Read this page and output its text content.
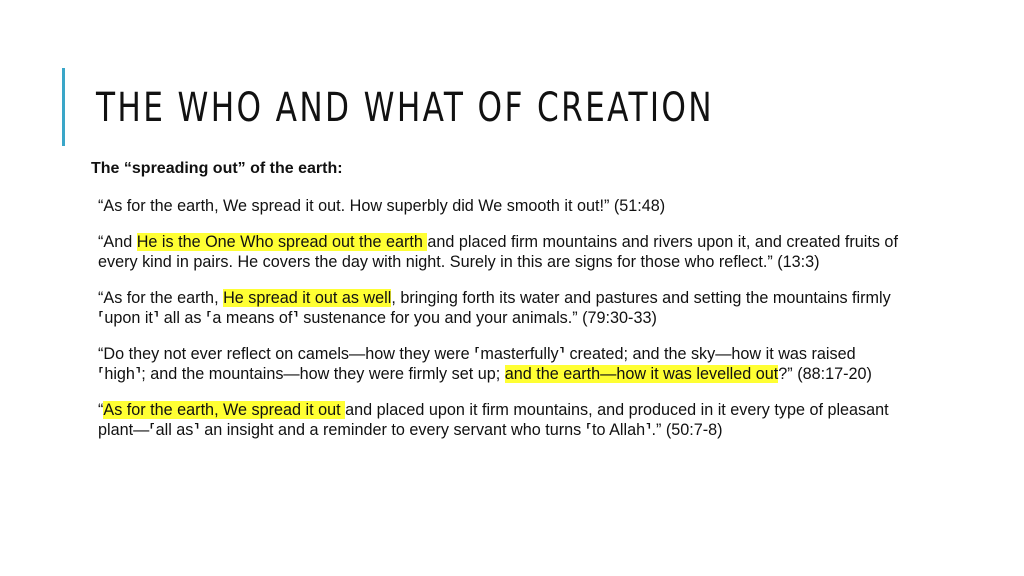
THE WHO AND WHAT OF CREATION
The “spreading out” of the earth:

“As for the earth, We spread it out. How superbly did We smooth it out!” (51:48)

“And He is the One Who spread out the earth and placed firm mountains and rivers upon it, and created fruits of every kind in pairs. He covers the day with night. Surely in this are signs for those who reflect.” (13:3)

“As for the earth, He spread it out as well, bringing forth its water and pastures and setting the mountains firmly ⸢upon it⸣ all as ⸢a means of⸣ sustenance for you and your animals.” (79:30-33)

“Do they not ever reflect on camels—how they were ⸢masterfully⸣ created; and the sky—how it was raised ⸢high⸣; and the mountains—how they were firmly set up; and the earth—how it was levelled out?” (88:17-20)

“As for the earth, We spread it out and placed upon it firm mountains, and produced in it every type of pleasant plant—⸢all as⸣ an insight and a reminder to every servant who turns ⸢to Allah⸣.” (50:7-8)
